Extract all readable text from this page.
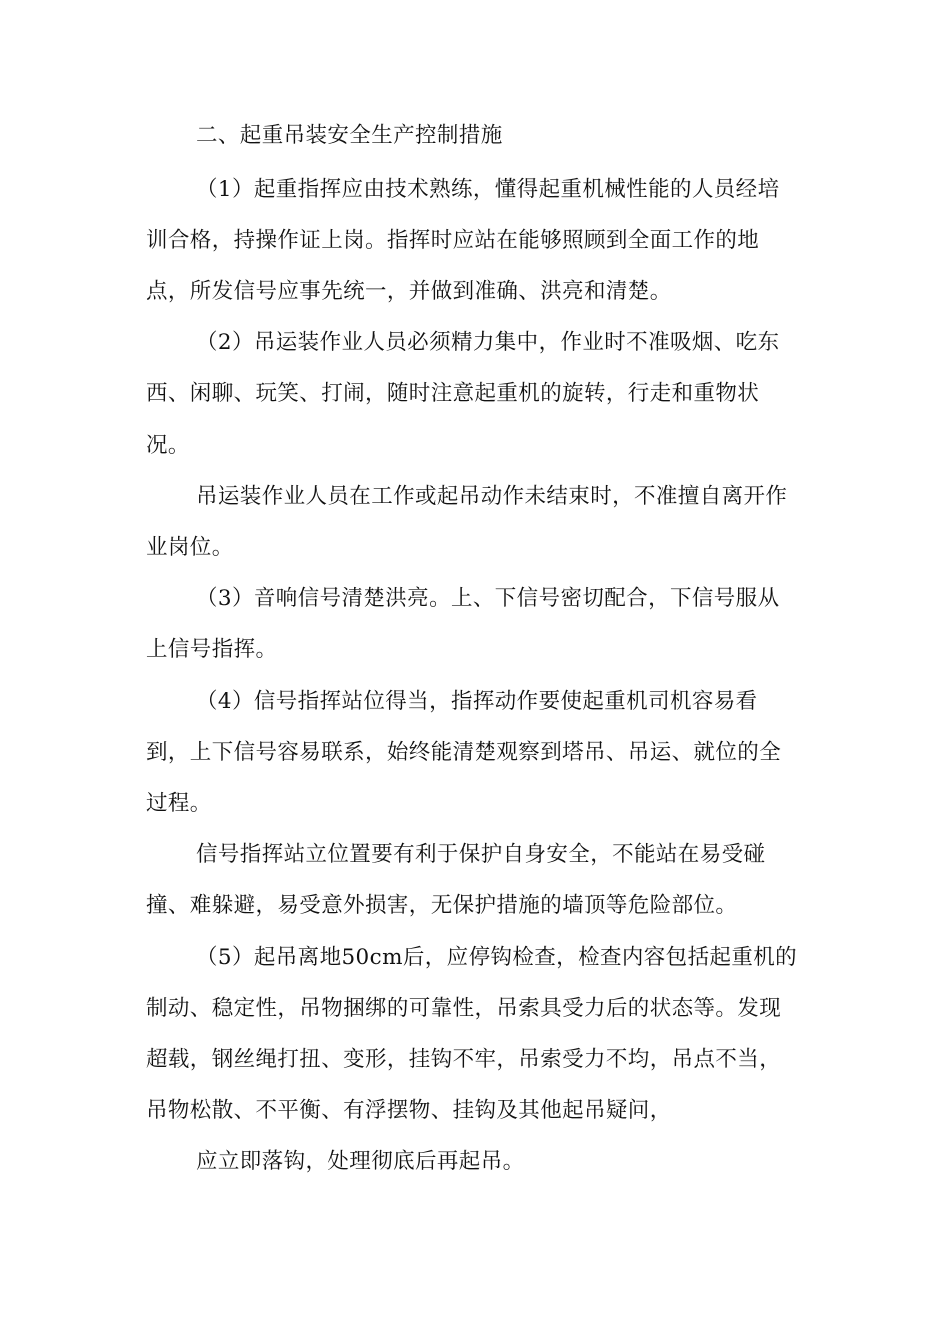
二、起重吊装安全生产控制措施
（1）起重指挥应由技术熟练，懂得起重机械性能的人员经培
训合格，持操作证上岗。指挥时应站在能够照顾到全面工作的地
点，所发信号应事先统一，并做到准确、洪亮和清楚。
（2）吊运装作业人员必须精力集中，作业时不准吸烟、吃东
西、闲聊、玩笑、打闹，随时注意起重机的旋转，行走和重物状
况。
吊运装作业人员在工作或起吊动作未结束时，不准擅自离开作
业岗位。
（3）音响信号清楚洪亮。上、下信号密切配合，下信号服从
上信号指挥。
（4）信号指挥站位得当，指挥动作要使起重机司机容易看
到，上下信号容易联系，始终能清楚观察到塔吊、吊运、就位的全
过程。
信号指挥站立位置要有利于保护自身安全，不能站在易受碰
撞、难躲避，易受意外损害，无保护措施的墙顶等危险部位。
（5）起吊离地50cm后，应停钩检查，检查内容包括起重机的
制动、稳定性，吊物捆绑的可靠性，吊索具受力后的状态等。发现
超载，钢丝绳打扭、变形，挂钩不牢，吊索受力不均，吊点不当，
吊物松散、不平衡、有浮摆物、挂钩及其他起吊疑问，
应立即落钩，处理彻底后再起吊。
